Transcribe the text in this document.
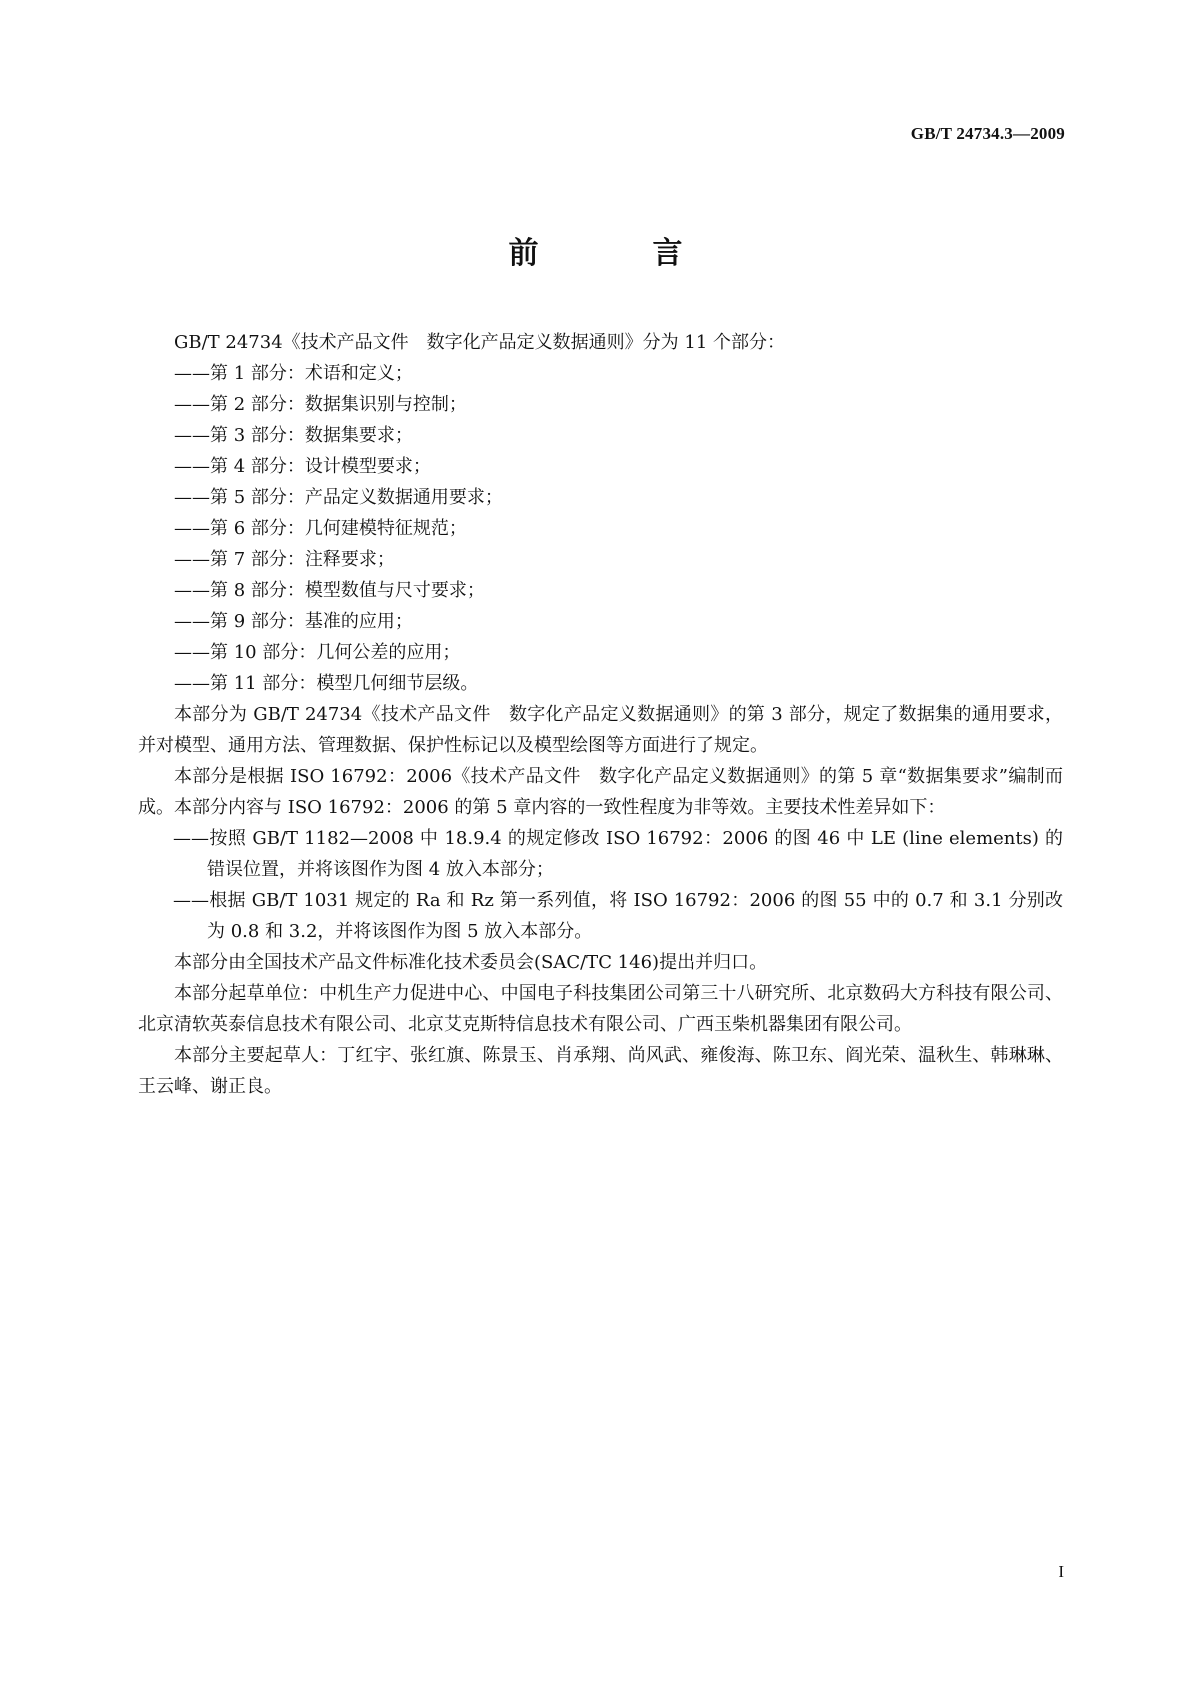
GB/T 24734.3—2009
前　言

GB/T 24734《技术产品文件　数字化产品定义数据通则》分为 11 个部分：

——第 1 部分：术语和定义；

——第 2 部分：数据集识别与控制；

——第 3 部分：数据集要求；

——第 4 部分：设计模型要求；

——第 5 部分：产品定义数据通用要求；

——第 6 部分：几何建模特征规范；

——第 7 部分：注释要求；

——第 8 部分：模型数值与尺寸要求；

——第 9 部分：基准的应用；

——第 10 部分：几何公差的应用；

——第 11 部分：模型几何细节层级。

本部分为 GB/T 24734《技术产品文件　数字化产品定义数据通则》的第 3 部分，规定了数据集的通用要求，并对模型、通用方法、管理数据、保护性标记以及模型绘图等方面进行了规定。

本部分是根据 ISO 16792：2006《技术产品文件　数字化产品定义数据通则》的第 5 章“数据集要求”编制而成。本部分内容与 ISO 16792：2006 的第 5 章内容的一致性程度为非等效。主要技术性差异如下：

——按照 GB/T 1182—2008 中 18.9.4 的规定修改 ISO 16792：2006 的图 46 中 LE (line elements) 的错误位置，并将该图作为图 4 放入本部分；

——根据 GB/T 1031 规定的 Ra 和 Rz 第一系列值，将 ISO 16792：2006 的图 55 中的 0.7 和 3.1 分别改为 0.8 和 3.2，并将该图作为图 5 放入本部分。

本部分由全国技术产品文件标准化技术委员会(SAC/TC 146)提出并归口。

本部分起草单位：中机生产力促进中心、中国电子科技集团公司第三十八研究所、北京数码大方科技有限公司、北京清软英泰信息技术有限公司、北京艾克斯特信息技术有限公司、广西玉柴机器集团有限公司。

本部分主要起草人：丁红宇、张红旗、陈景玉、肖承翔、尚风武、雍俊海、陈卫东、阎光荣、温秋生、韩琳琳、王云峰、谢正良。

I
